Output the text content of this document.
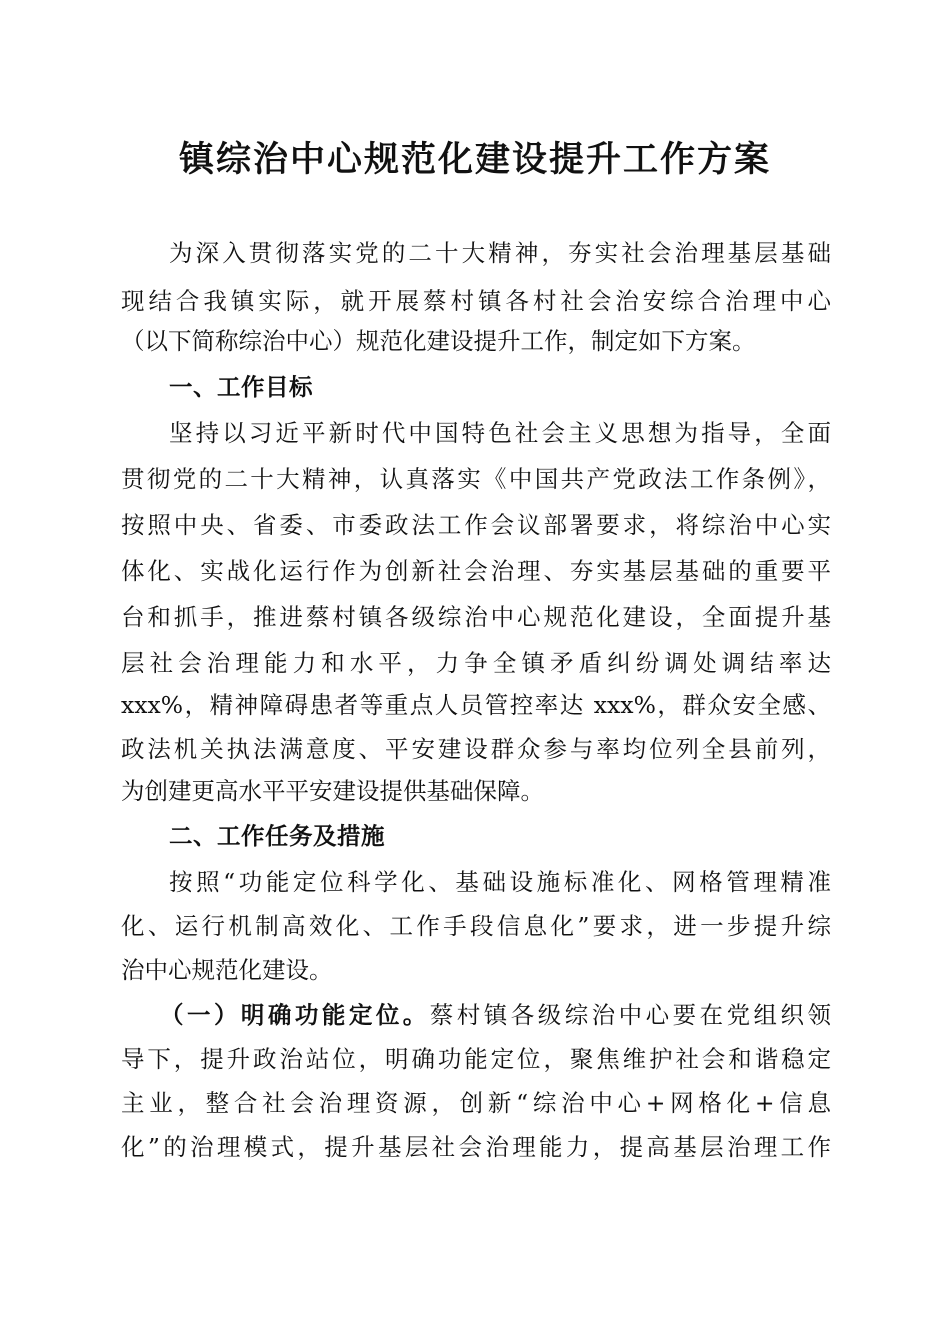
镇综治中心规范化建设提升工作方案
为深入贯彻落实党的二十大精神，夯实社会治理基层基础
现结合我镇实际，就开展蔡村镇各村社会治安综合治理中心
（以下简称综治中心）规范化建设提升工作，制定如下方案。
一、工作目标
坚持以习近平新时代中国特色社会主义思想为指导，全面
贯彻党的二十大精神，认真落实《中国共产党政法工作条例》，
按照中央、省委、市委政法工作会议部署要求，将综治中心实
体化、实战化运行作为创新社会治理、夯实基层基础的重要平
台和抓手，推进蔡村镇各级综治中心规范化建设，全面提升基
层社会治理能力和水平，力争全镇矛盾纠纷调处调结率达
xxx%，精神障碍患者等重点人员管控率达 xxx%，群众安全感、
政法机关执法满意度、平安建设群众参与率均位列全县前列，
为创建更高水平平安建设提供基础保障。
二、工作任务及措施
按照“功能定位科学化、基础设施标准化、网格管理精准
化、运行机制高效化、工作手段信息化”要求，进一步提升综
治中心规范化建设。
（一）明确功能定位。蔡村镇各级综治中心要在党组织领
导下，提升政治站位，明确功能定位，聚焦维护社会和谐稳定
主业，整合社会治理资源，创新“综治中心+网格化+信息
化”的治理模式，提升基层社会治理能力，提高基层治理工作
